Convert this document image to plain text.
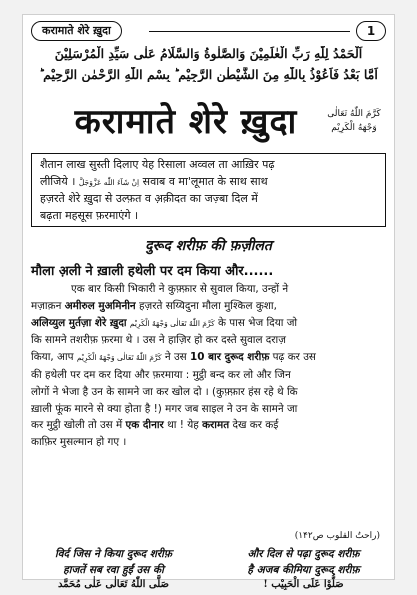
करामाते शेरे ख़ुदा	1
اَلْحَمْدُ لِلّٰهِ رَبِّ الْعٰلَمِیْنَ وَالصَّلٰوةُ وَالسَّلَامُ عَلٰی سَیِّدِ الْمُرْسَلِیْنَ
اَمَّا بَعْدُ فَاَعُوْذُ بِاللّٰهِ مِنَ الشَّیْطٰنِ الرَّجِیْمِ ؕ بِسْمِ اللّٰهِ الرَّحْمٰنِ الرَّحِیْمِ ؕ
करामाते शेरे ख़ुदा	كَرَّمَ اللّٰهُ تَعَالٰى وَجْهَهُ الْكَرِيْم
शैतान लाख सुस्ती दिलाए येह रिसाला अव्वल ता आख़िर पढ़
लीजिये । اِنْ شَآءَ اللّٰه عَزَّوَجَلَّ सवाब व मा'लूमात के साथ साथ
हज़रते शेरे ख़ुदा से उल्फ़त व अ़क़ीदत का जज़्बा दिल में
बढ़ता महसूस फ़रमाएंगे ।
दुरूद शरीफ़ की फ़ज़ीलत
मौला अ़ली ने ख़ाली हथेली पर दम किया और......
एक बार किसी भिकारी ने कुफ़्फ़ार से सुवाल किया, उन्हों ने
मज़ाक़न अमीरुल मुअमिनीन हज़रते सय्यिदुना मौला मुश्किल कुशा,
अलिय्युल मुर्तज़ा शेरे ख़ुदा كَرَّمَ اللّٰهُ تَعَالٰى وَجْهَهُ الْكَرِيْم के पास भेज दिया जो
कि सामने तशरीफ़ फ़रमा थे । उस ने हाज़िर हो कर दस्ते सुवाल दराज़
किया, आप كَرَّمَ اللّٰهُ تَعَالٰى وَجْهَهُ الْكَرِيْم ने उस 10 बार दुरूद शरीफ़ पढ़ कर उस
की हथेली पर दम कर दिया और फ़रमाया : मुट्ठी बन्द कर लो और जिन
लोगों ने भेजा है उन के सामने जा कर खोल दो । (कुफ़्फ़ार हंस रहे थे कि
ख़ाली फूंक मारने से क्या होता है !) मगर जब साइल ने उन के सामने जा
कर मुट्ठी खोली तो उस में एक दीनार था ! येह करामत देख कर कई
काफ़िर मुसल्मान हो गए ।
(راحتُ القلوب ص۱۴۲)
विर्द जिस ने किया दुरूद शरीफ़	और दिल से पढ़ा दुरूद शरीफ़
हाजतें सब रवा हुईं उस की	है अजब कीमिया दुरूद शरीफ़
صَلَّی اللّٰهُ تَعَالٰی عَلٰی مُحَمَّد	صَلُّوْا عَلَى الْحَبِيْب !
